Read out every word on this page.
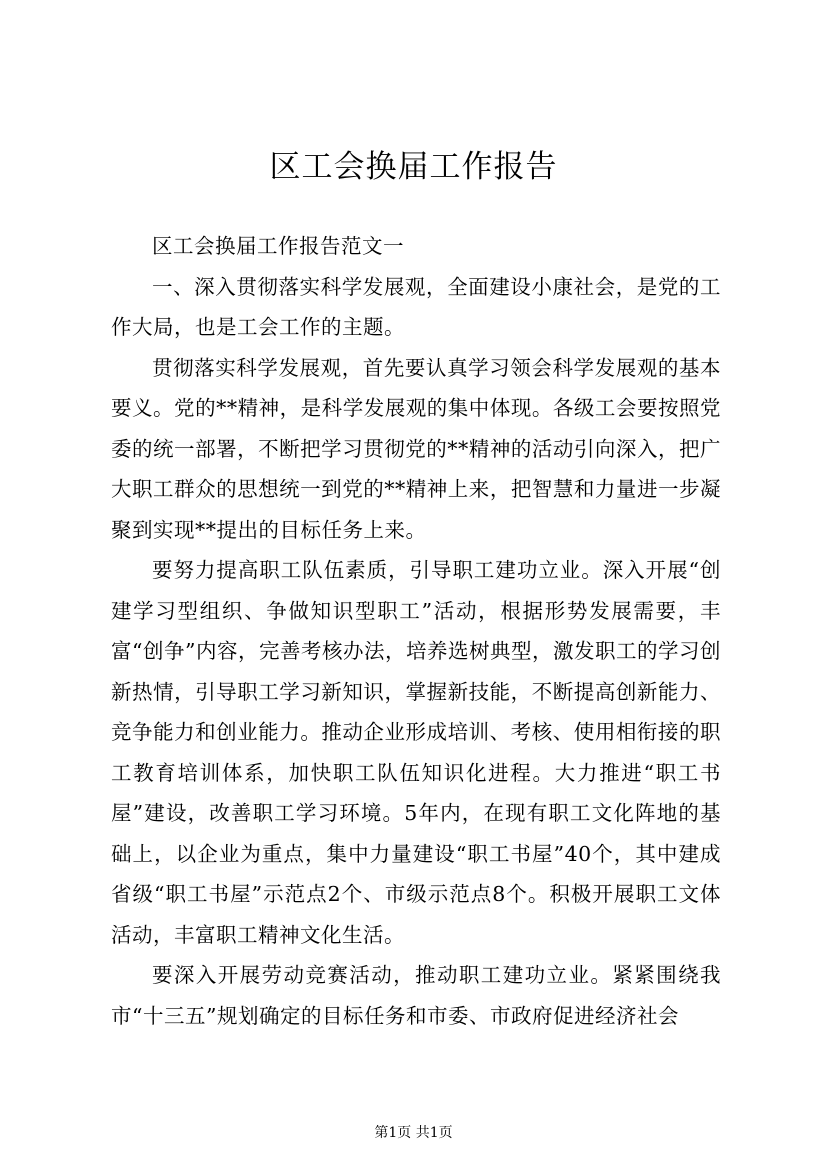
区工会换届工作报告

区工会换届工作报告范文一

一、深入贯彻落实科学发展观，全面建设小康社会，是党的工作大局，也是工会工作的主题。

贯彻落实科学发展观，首先要认真学习领会科学发展观的基本要义。党的**精神，是科学发展观的集中体现。各级工会要按照党委的统一部署，不断把学习贯彻党的**精神的活动引向深入，把广大职工群众的思想统一到党的**精神上来，把智慧和力量进一步凝聚到实现**提出的目标任务上来。

要努力提高职工队伍素质，引导职工建功立业。深入开展“创建学习型组织、争做知识型职工”活动，根据形势发展需要，丰富“创争”内容，完善考核办法，培养选树典型，激发职工的学习创新热情，引导职工学习新知识，掌握新技能，不断提高创新能力、竞争能力和创业能力。推动企业形成培训、考核、使用相衔接的职工教育培训体系，加快职工队伍知识化进程。大力推进“职工书屋”建设，改善职工学习环境。5年内，在现有职工文化阵地的基础上，以企业为重点，集中力量建设“职工书屋”40个，其中建成省级“职工书屋”示范点2个、市级示范点8个。积极开展职工文体活动，丰富职工精神文化生活。

要深入开展劳动竞赛活动，推动职工建功立业。紧紧围绕我市“十三五”规划确定的目标任务和市委、市政府促进经济社会

第1页 共1页
